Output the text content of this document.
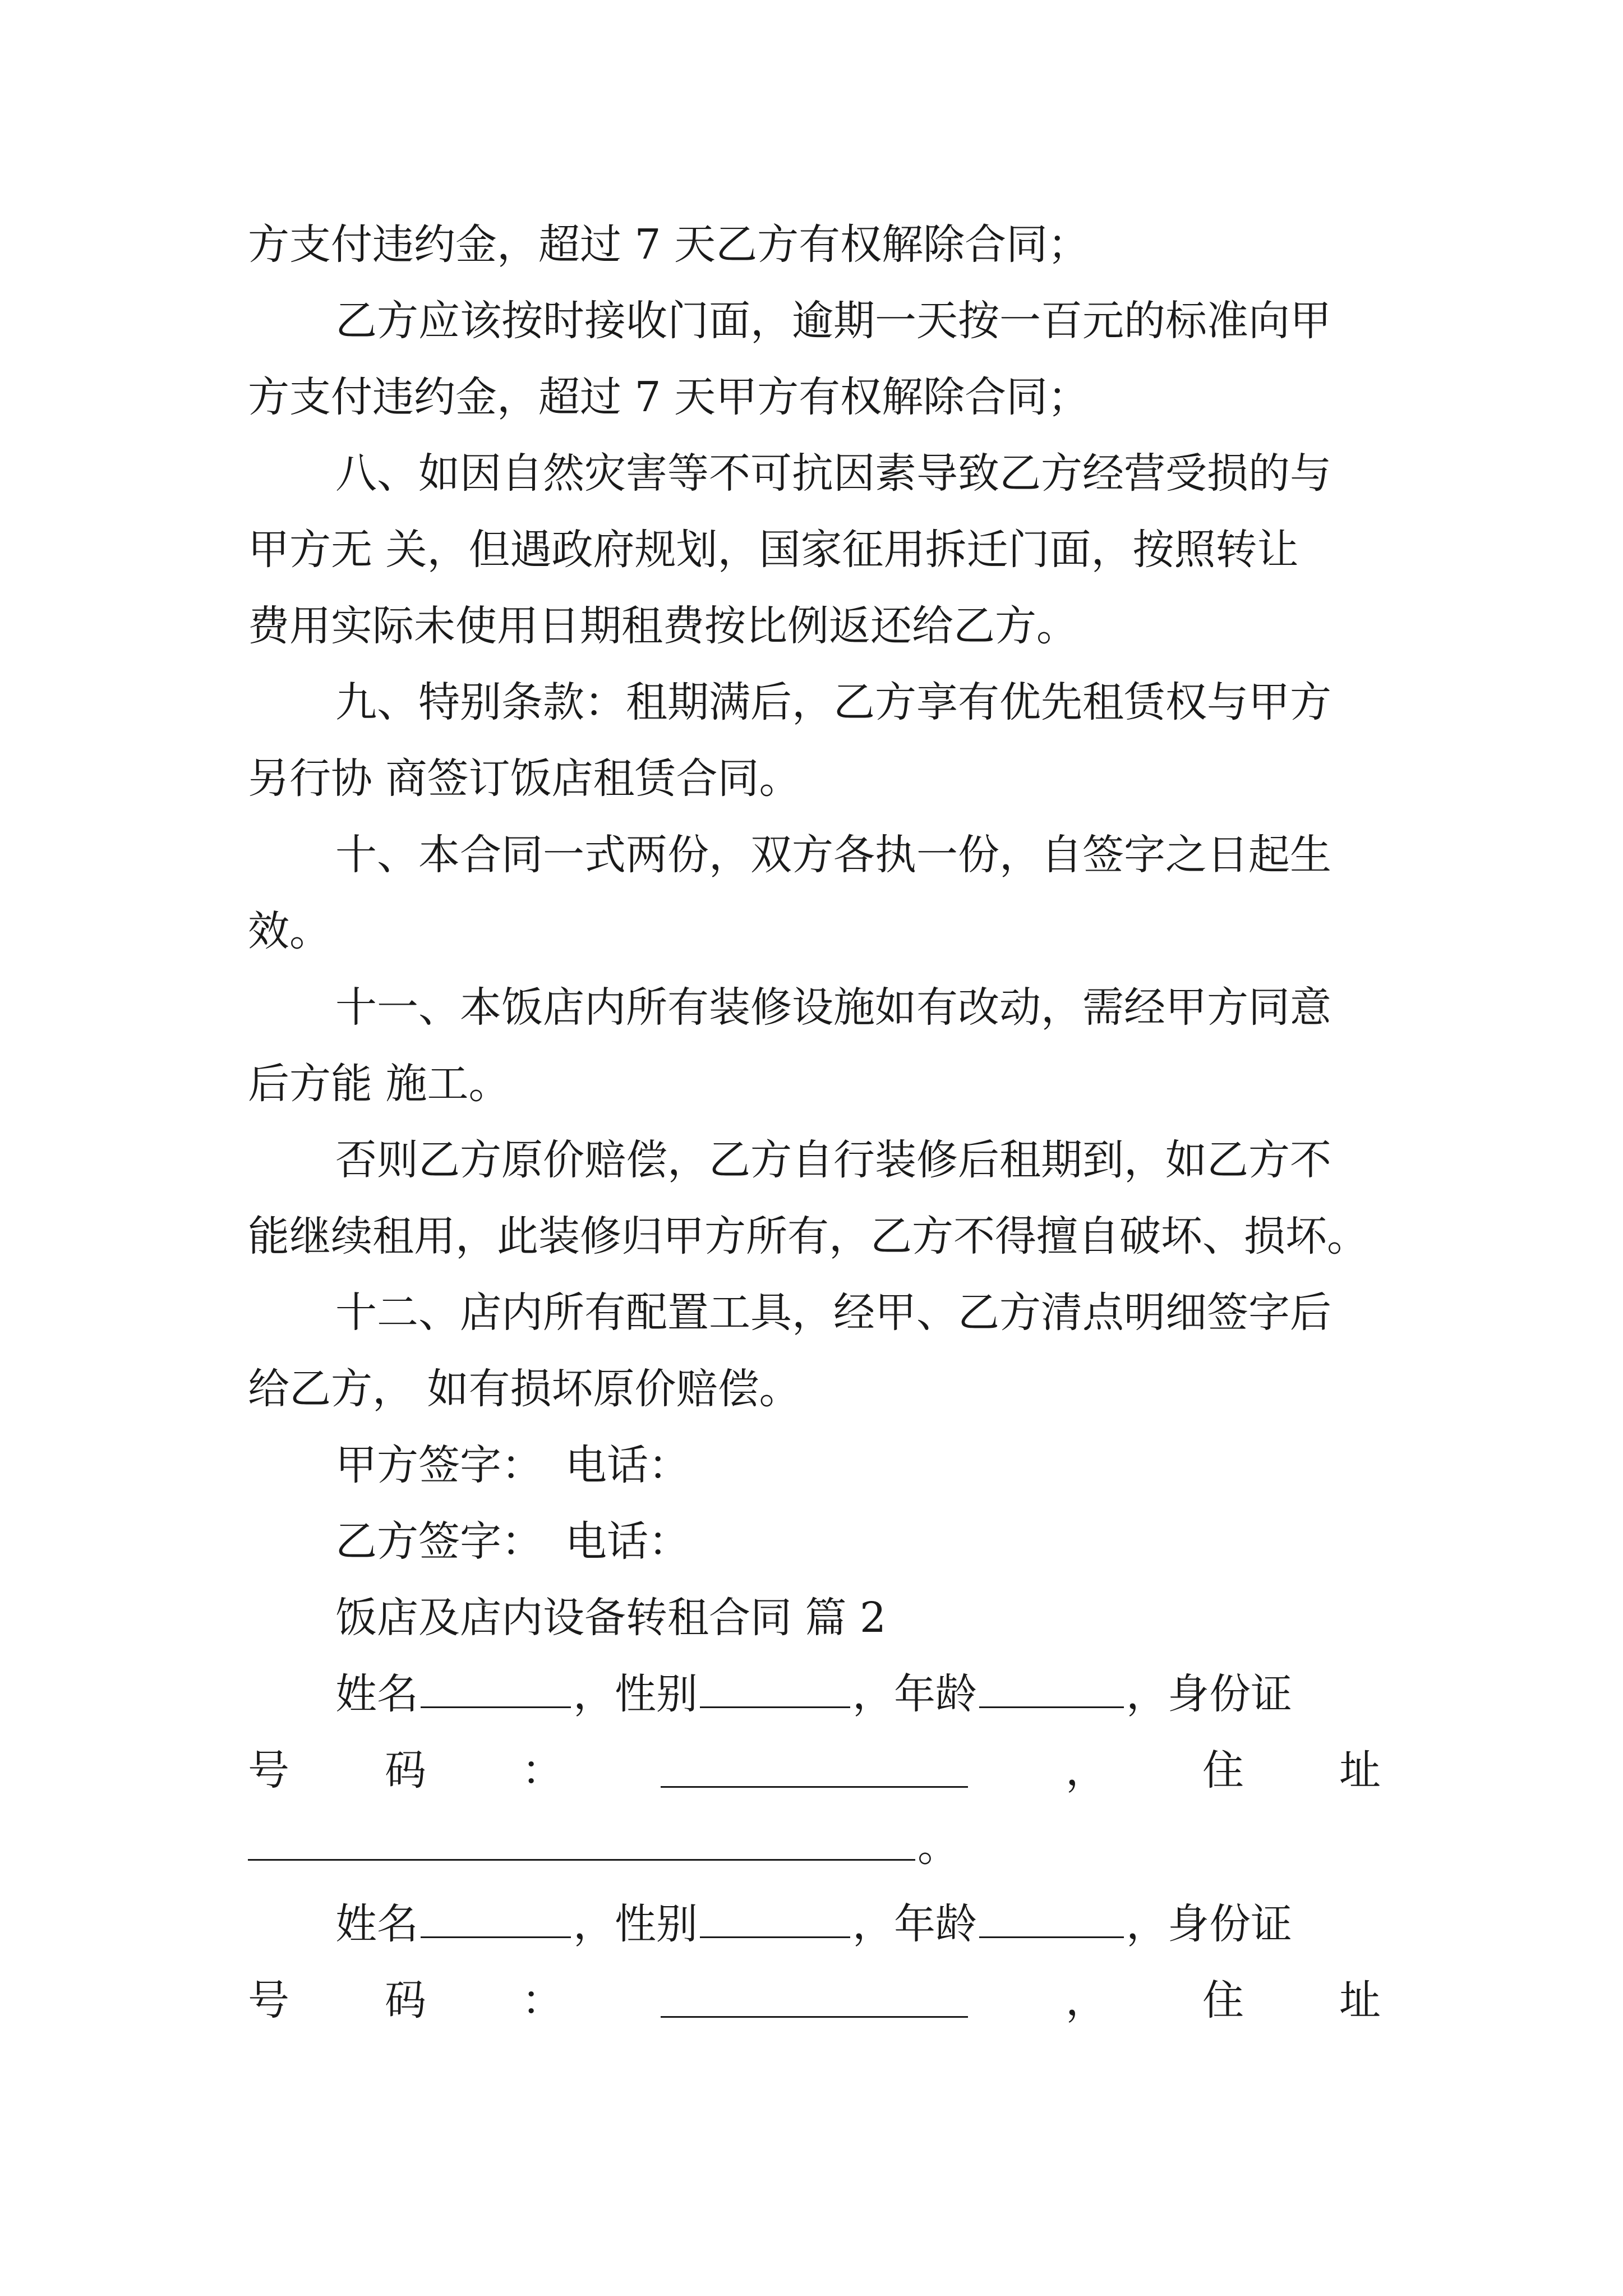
方支付违约金，超过 7 天乙方有权解除合同；
乙方应该按时接收门面，逾期一天按一百元的标准向甲
方支付违约金，超过 7 天甲方有权解除合同；
八、如因自然灾害等不可抗因素导致乙方经营受损的与
甲方无 关，但遇政府规划，国家征用拆迁门面，按照转让
费用实际未使用日期租费按比例返还给乙方。
九、特别条款：租期满后，乙方享有优先租赁权与甲方
另行协 商签订饭店租赁合同。
十、本合同一式两份，双方各执一份，自签字之日起生
效。
十一、本饭店内所有装修设施如有改动，需经甲方同意
后方能 施工。
否则乙方原价赔偿，乙方自行装修后租期到，如乙方不
能继续租用，此装修归甲方所有，乙方不得擅自破坏、损坏。
十二、店内所有配置工具，经甲、乙方清点明细签字后
给乙方， 如有损坏原价赔偿。
甲方签字： 电话：
乙方签字： 电话：
饭店及店内设备转租合同 篇 2
姓名	，性别	，年龄	，身份证
号 码 ：	， 住 址
。
姓名	，性别	，年龄	，身份证
号 码 ：	， 住 址
